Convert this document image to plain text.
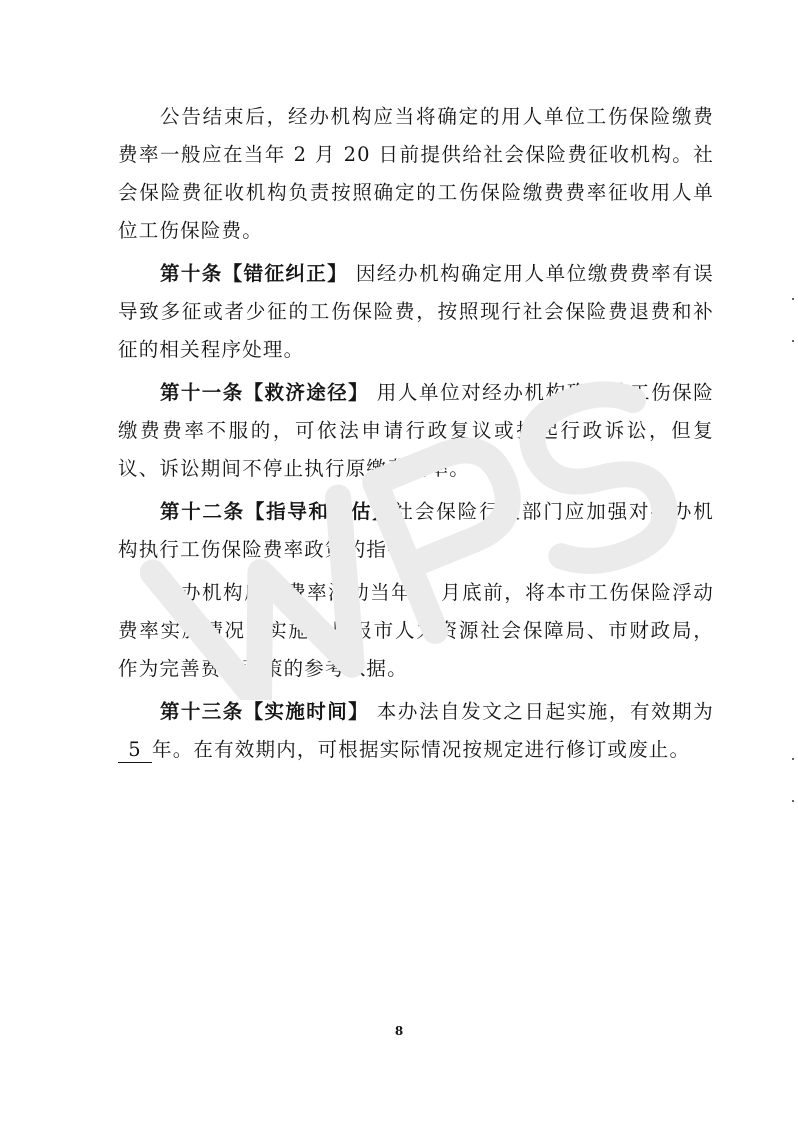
公告结束后，经办机构应当将确定的用人单位工伤保险缴费费率一般应在当年 2 月 20 日前提供给社会保险费征收机构。社会保险费征收机构负责按照确定的工伤保险缴费费率征收用人单位工伤保险费。

第十条【错征纠正】 因经办机构确定用人单位缴费费率有误导致多征或者少征的工伤保险费，按照现行社会保险费退费和补征的相关程序处理。

第十一条【救济途径】 用人单位对经办机构确定的工伤保险缴费费率不服的，可依法申请行政复议或提起行政诉讼，但复议、诉讼期间不停止执行原缴费费率。

第十二条【指导和评估】社会保险行政部门应加强对经办机构执行工伤保险费率政策的指导。

经办机构应在费率浮动当年 9 月底前，将本市工伤保险浮动费率实施情况及实施效果报市人力资源社会保障局、市财政局，作为完善费率政策的参考依据。

第十三条【实施时间】 本办法自发文之日起实施，有效期为5 年。在有效期内，可根据实际情况按规定进行修订或废止。

8
